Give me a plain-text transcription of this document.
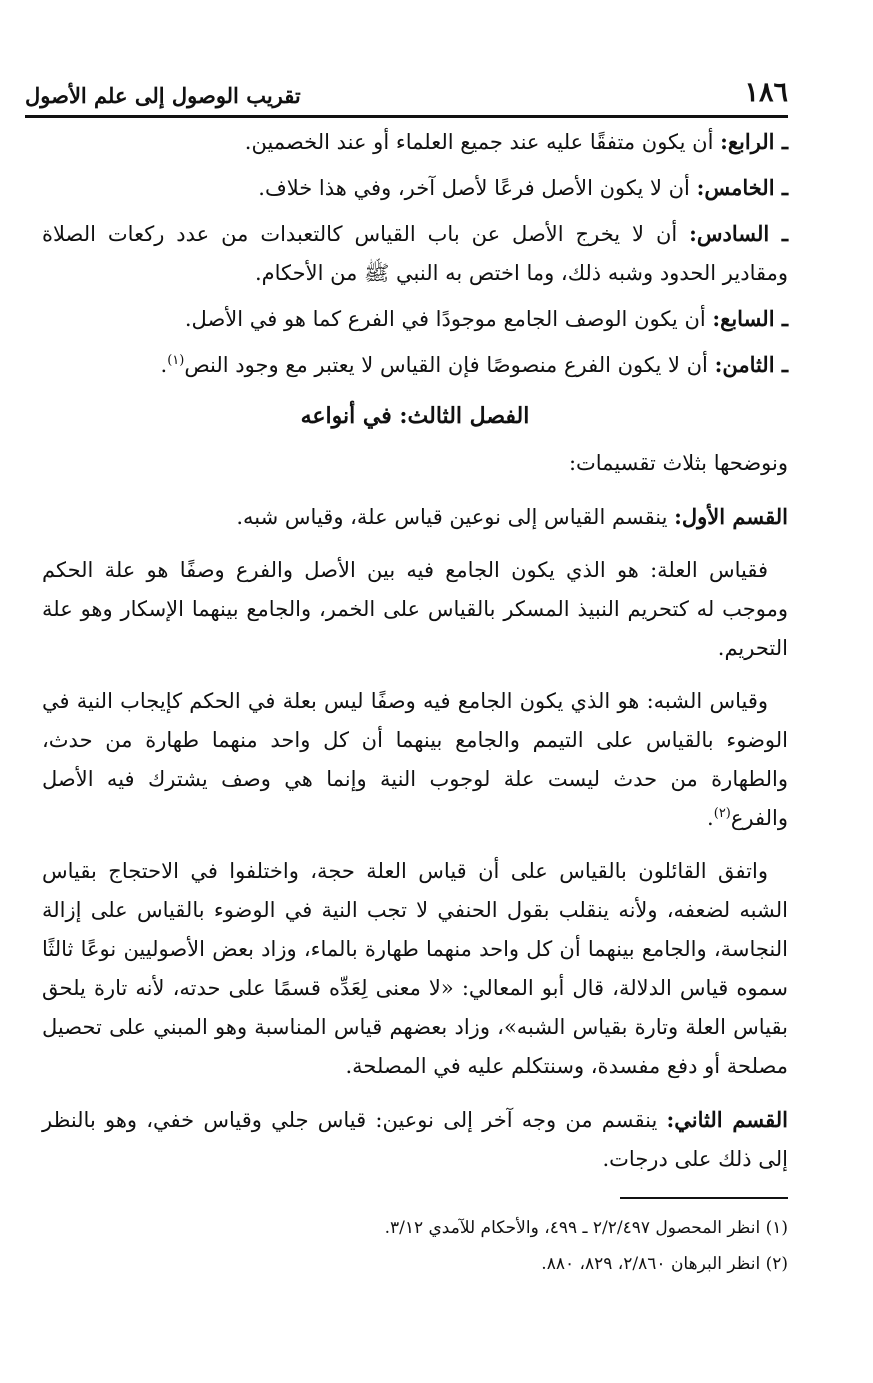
١٨٦
تقريب الوصول إلى علم الأصول

ـ الرابع: أن يكون متفقًا عليه عند جميع العلماء أو عند الخصمين.

ـ الخامس: أن لا يكون الأصل فرعًا لأصل آخر، وفي هذا خلاف.

ـ السادس: أن لا يخرج الأصل عن باب القياس كالتعبدات من عدد ركعات الصلاة ومقادير الحدود وشبه ذلك، وما اختص به النبي ﷺ من الأحكام.

ـ السابع: أن يكون الوصف الجامع موجودًا في الفرع كما هو في الأصل.

ـ الثامن: أن لا يكون الفرع منصوصًا فإن القياس لا يعتبر مع وجود النص$^{(١)}$.

الفصل الثالث: في أنواعه

ونوضحها بثلاث تقسيمات:

القسم الأول: ينقسم القياس إلى نوعين قياس علة، وقياس شبه.

فقياس العلة: هو الذي يكون الجامع فيه بين الأصل والفرع وصفًا هو علة الحكم وموجب له كتحريم النبيذ المسكر بالقياس على الخمر، والجامع بينهما الإسكار وهو علة التحريم.

وقياس الشبه: هو الذي يكون الجامع فيه وصفًا ليس بعلة في الحكم كإيجاب النية في الوضوء بالقياس على التيمم والجامع بينهما أن كل واحد منهما طهارة من حدث، والطهارة من حدث ليست علة لوجوب النية وإنما هي وصف يشترك فيه الأصل والفرع$^{(٢)}$.

واتفق القائلون بالقياس على أن قياس العلة حجة، واختلفوا في الاحتجاج بقياس الشبه لضعفه، ولأنه ينقلب بقول الحنفي لا تجب النية في الوضوء بالقياس على إزالة النجاسة، والجامع بينهما أن كل واحد منهما طهارة بالماء، وزاد بعض الأصوليين نوعًا ثالثًا سموه قياس الدلالة، قال أبو المعالي: «لا معنى لِعَدِّه قسمًا على حدته، لأنه تارة يلحق بقياس العلة وتارة بقياس الشبه»، وزاد بعضهم قياس المناسبة وهو المبني على تحصيل مصلحة أو دفع مفسدة، وسنتكلم عليه في المصلحة.

القسم الثاني: ينقسم من وجه آخر إلى نوعين: قياس جلي وقياس خفي، وهو بالنظر إلى ذلك على درجات.

(١) انظر المحصول ٢/٢/٤٩٧ ـ ٤٩٩، والأحكام للآمدي ٣/١٢.

(٢) انظر البرهان ٢/٨٦٠، ٨٢٩، ٨٨٠.
